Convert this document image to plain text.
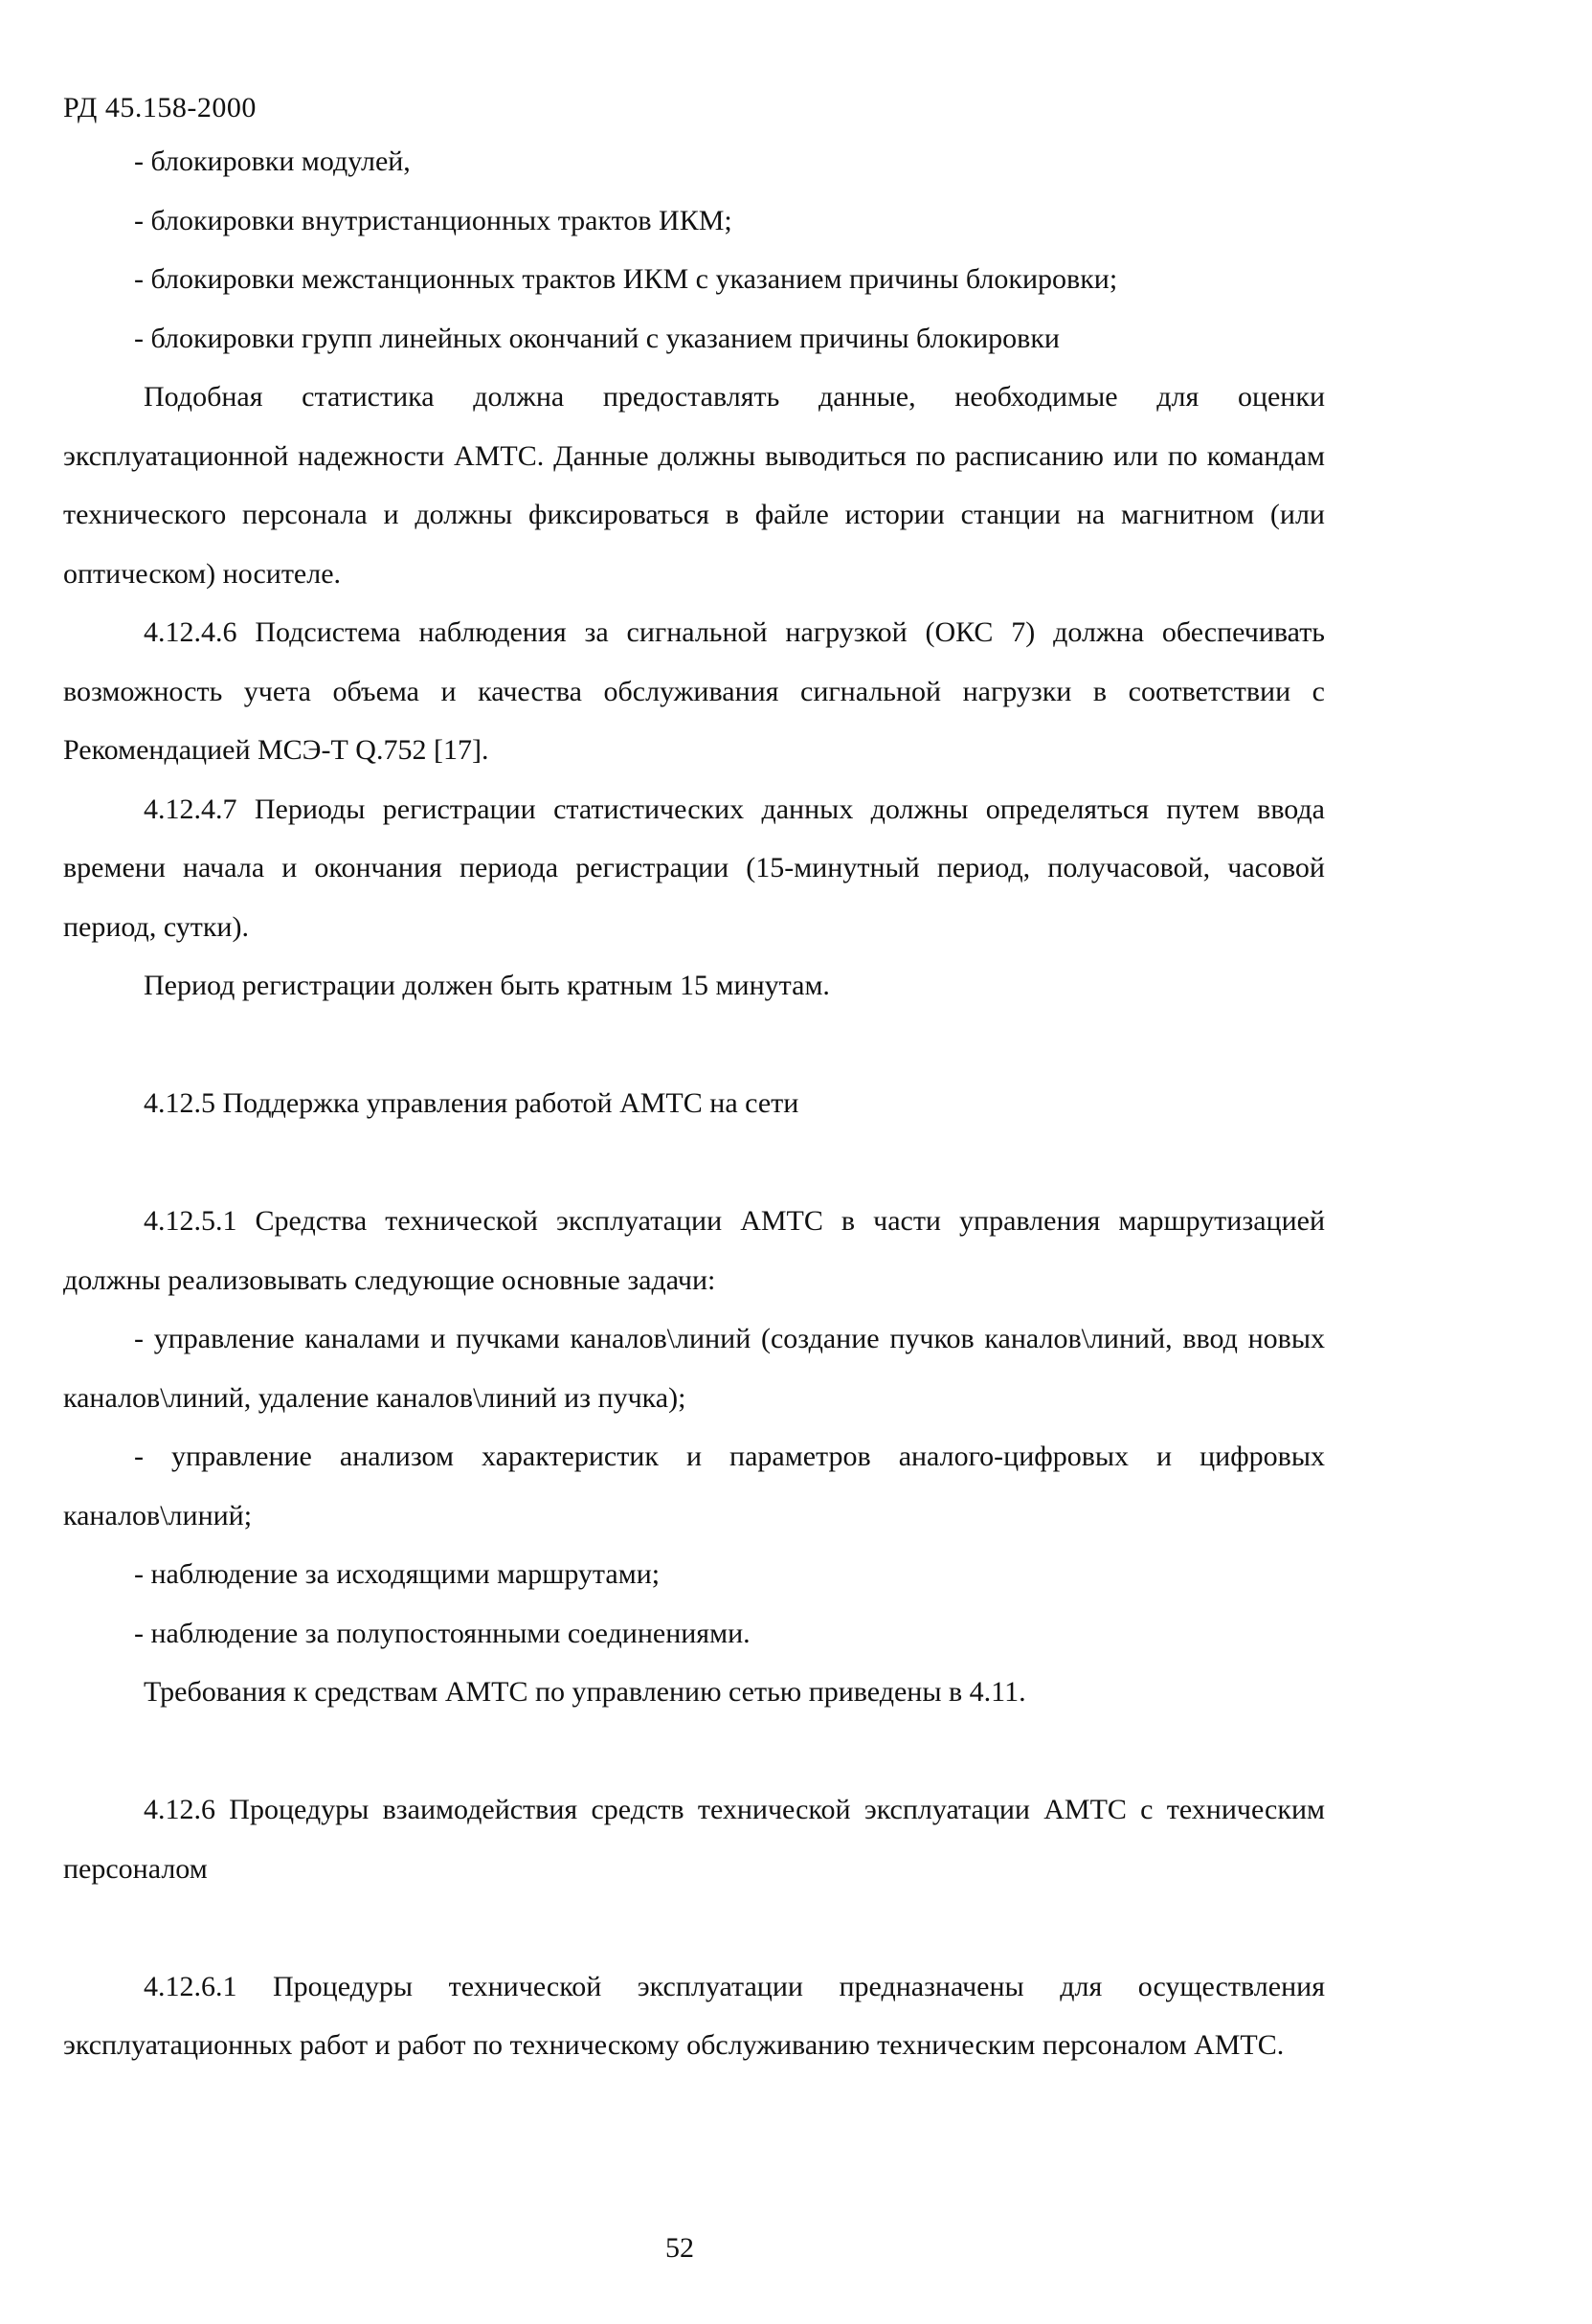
РД 45.158-2000

- блокировки модулей,

- блокировки внутристанционных трактов ИКМ;

- блокировки межстанционных трактов ИКМ с указанием причины блокировки;

- блокировки групп линейных окончаний с указанием причины блокировки

Подобная статистика должна предоставлять данные, необходимые для оценки эксплуатационной надежности АМТС. Данные должны выводиться по расписанию или по командам технического персонала и должны фиксироваться в файле истории станции на магнитном (или оптическом) носителе.

4.12.4.6 Подсистема наблюдения за сигнальной нагрузкой (ОКС 7) должна обеспечивать возможность учета объема и качества обслуживания сигнальной нагрузки в соответствии с Рекомендацией МСЭ-Т Q.752 [17].

4.12.4.7 Периоды регистрации статистических данных должны определяться путем ввода времени начала и окончания периода регистрации (15-минутный период, получасовой, часовой период, сутки).

Период регистрации должен быть кратным 15 минутам.

4.12.5 Поддержка управления работой АМТС на сети

4.12.5.1 Средства технической эксплуатации АМТС в части управления маршрутизацией должны реализовывать следующие основные задачи:

- управление каналами и пучками каналов\линий (создание пучков каналов\линий, ввод новых каналов\линий, удаление каналов\линий из пучка);

- управление анализом характеристик и параметров аналого-цифровых и цифровых каналов\линий;

- наблюдение за исходящими маршрутами;

- наблюдение за полупостоянными соединениями.

Требования к средствам АМТС по управлению сетью приведены в 4.11.

4.12.6 Процедуры взаимодействия средств технической эксплуатации АМТС с техническим персоналом

4.12.6.1 Процедуры технической эксплуатации предназначены для осуществления эксплуатационных работ и работ по техническому обслуживанию техническим персоналом АМТС.

52
